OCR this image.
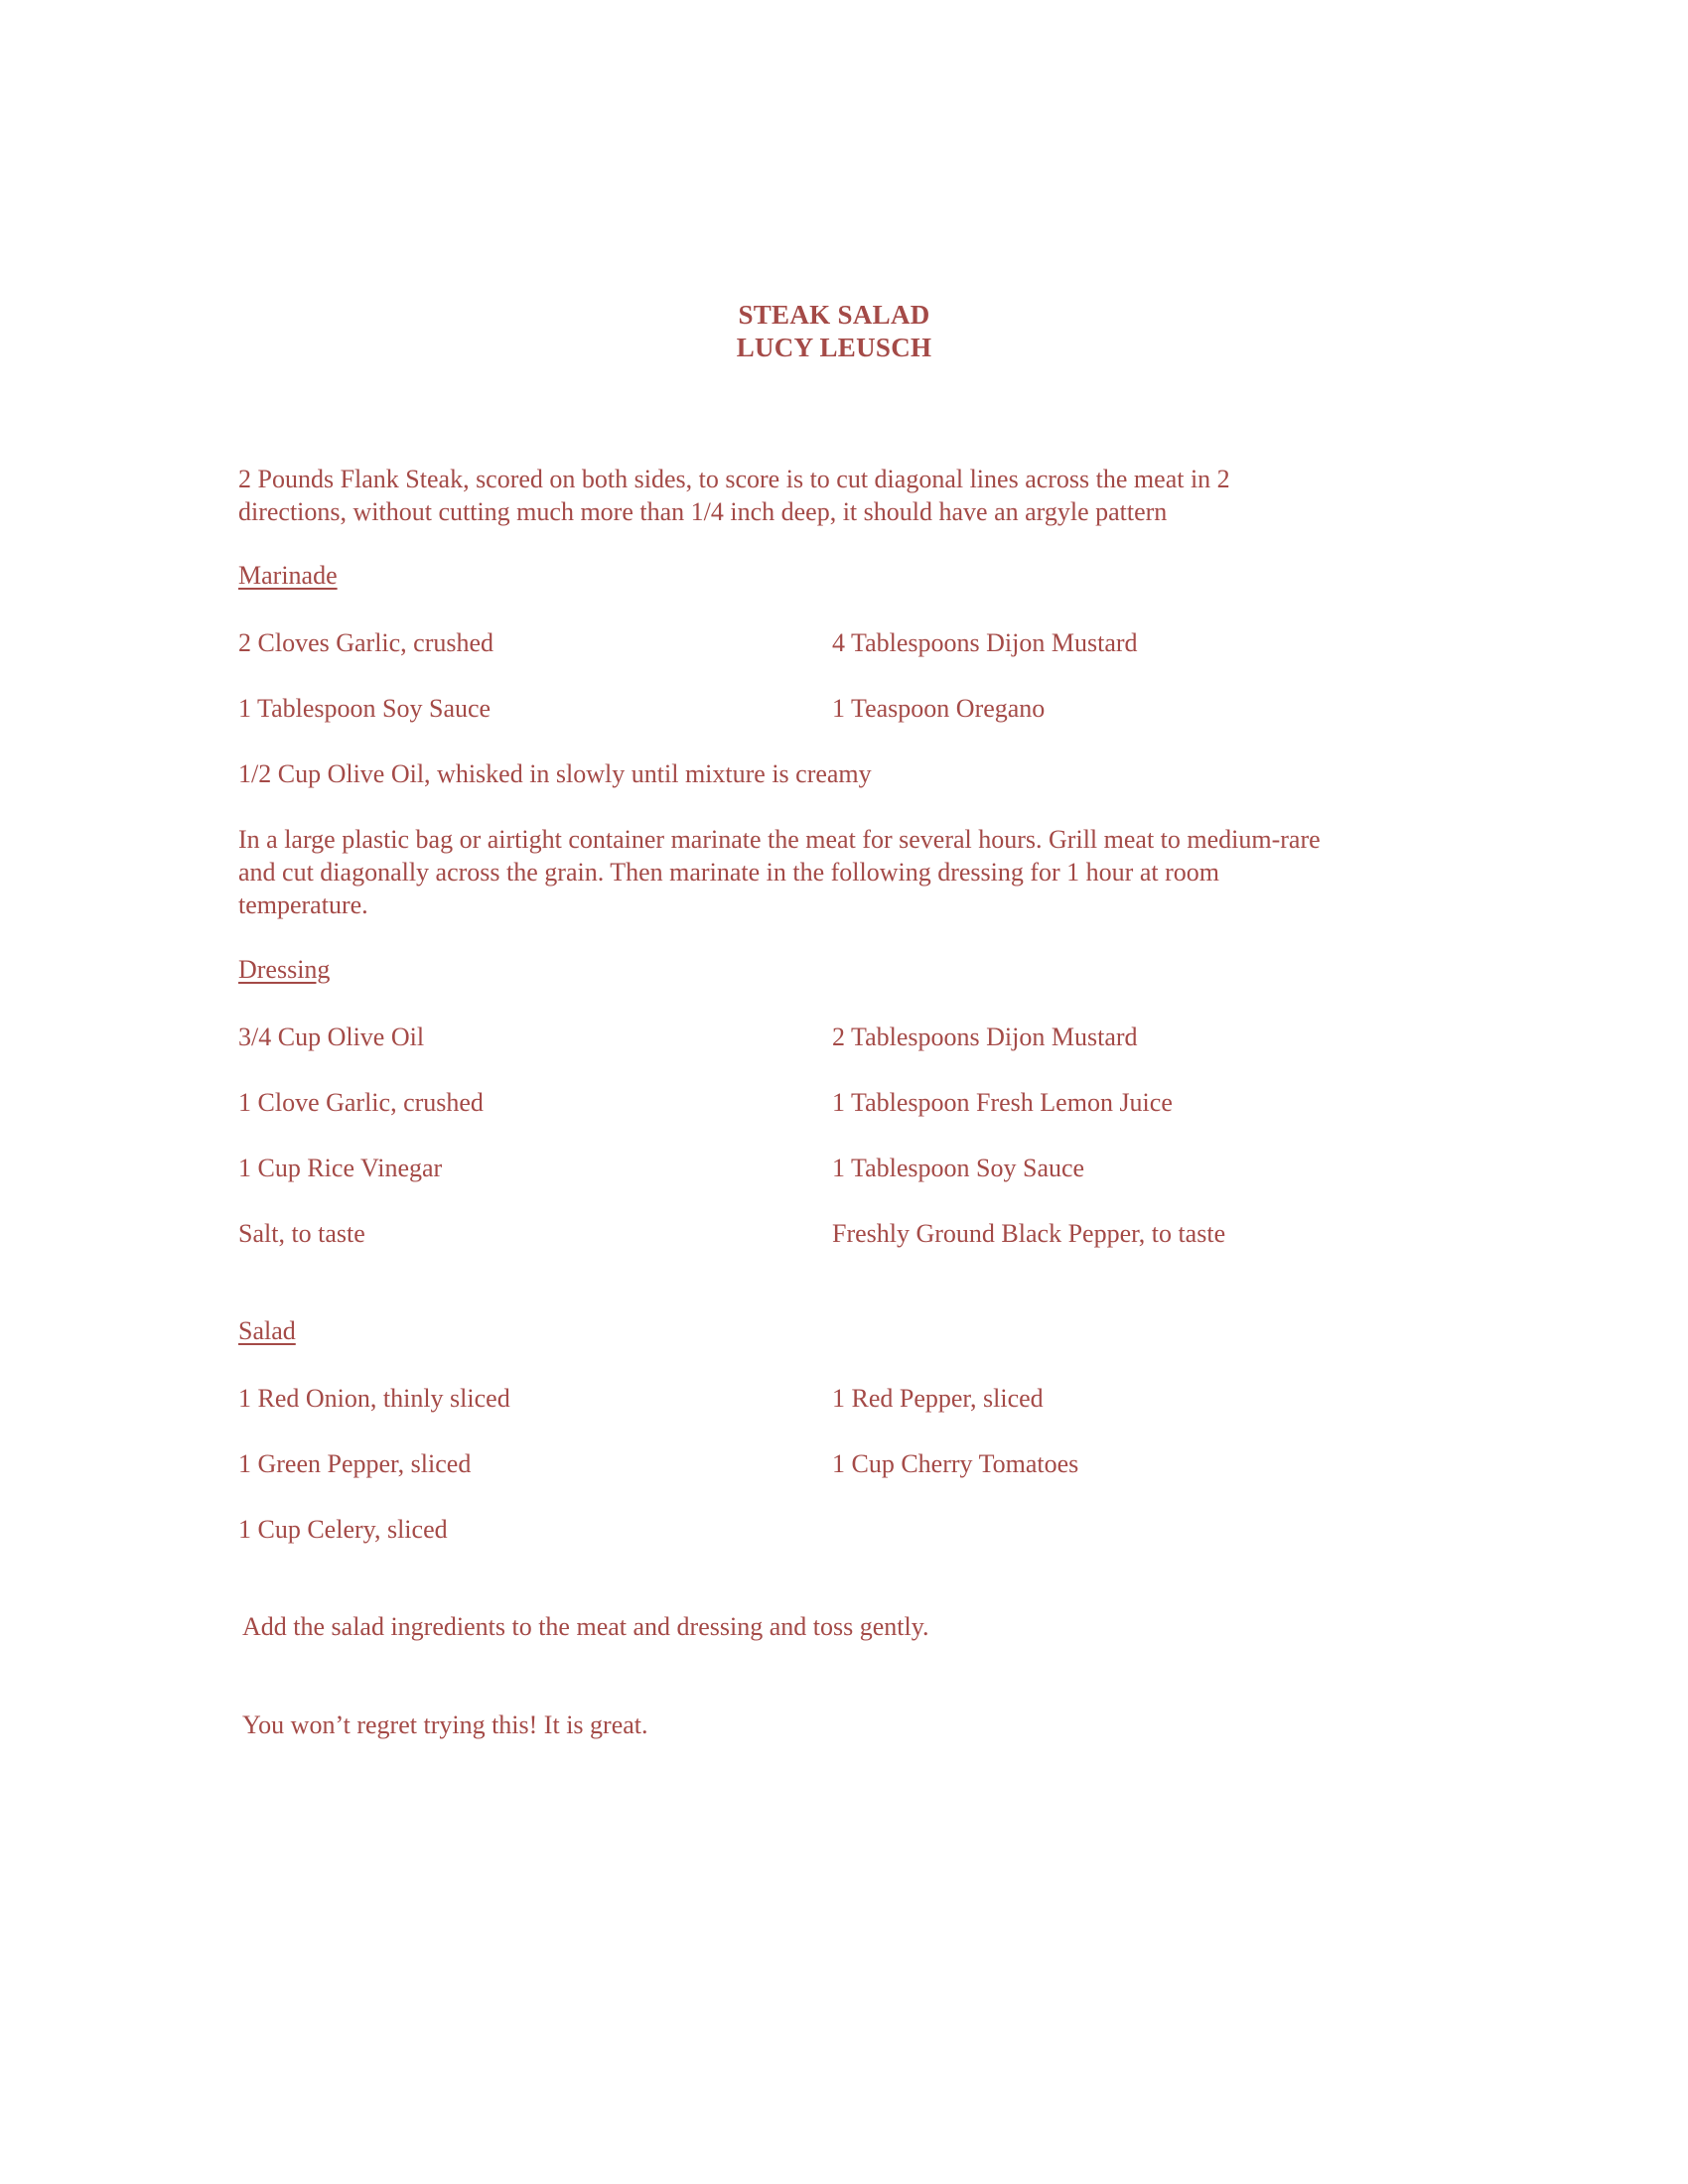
STEAK SALAD
LUCY LEUSCH
2 Pounds Flank Steak, scored on both sides, to score is to cut diagonal lines across the meat in 2
directions, without cutting much more than 1/4 inch deep, it should have an argyle pattern
Marinade
2 Cloves Garlic, crushed	4 Tablespoons Dijon Mustard
1 Tablespoon Soy Sauce	1 Teaspoon Oregano
1/2 Cup Olive Oil, whisked in slowly until mixture is creamy
In a large plastic bag or airtight container marinate the meat for several hours. Grill meat to medium-rare
and cut diagonally across the grain. Then marinate in the following dressing for 1 hour at room
temperature.
Dressing
3/4 Cup Olive Oil	2 Tablespoons Dijon Mustard
1 Clove Garlic, crushed	1 Tablespoon Fresh Lemon Juice
1 Cup Rice Vinegar	1 Tablespoon Soy Sauce
Salt, to taste	Freshly Ground Black Pepper, to taste
Salad
1 Red Onion, thinly sliced	1 Red Pepper, sliced
1 Green Pepper, sliced	1 Cup Cherry Tomatoes
1 Cup Celery, sliced
Add the salad ingredients to the meat and dressing and toss gently.
You won’t regret trying this! It is great.
